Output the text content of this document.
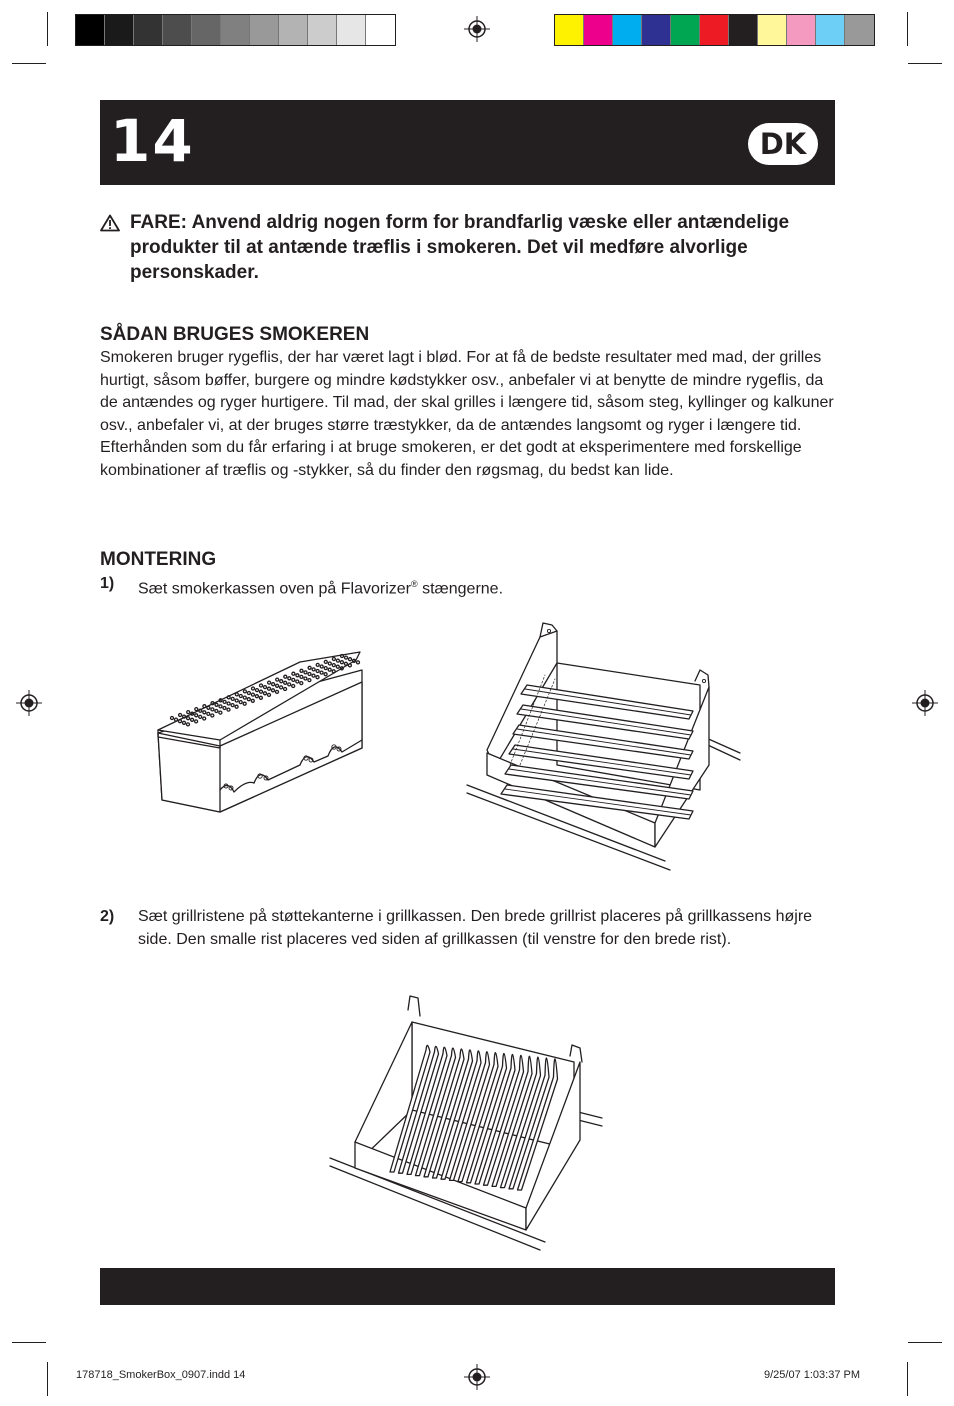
14	DK
FARE: Anvend aldrig nogen form for brandfarlig væske eller antændelige produkter til at antænde træflis i smokeren. Det vil medføre alvorlige personskader.
SÅDAN BRUGES SMOKEREN
Smokeren bruger rygeflis, der har været lagt i blød. For at få de bedste resultater med mad, der grilles hurtigt, såsom bøffer, burgere og mindre kødstykker osv., anbefaler vi at benytte de mindre rygeflis, da de antændes og ryger hurtigere. Til mad, der skal grilles i længere tid, såsom steg, kyllinger og kalkuner osv., anbefaler vi, at der bruges større træstykker, da de antændes langsomt og ryger i længere tid. Efterhånden som du får erfaring i at bruge smokeren, er det godt at eksperimentere med forskellige kombinationer af træflis og -stykker, så du finder den røgsmag, du bedst kan lide.
MONTERING
1) Sæt smokerkassen oven på Flavorizer® stængerne.
2) Sæt grillristene på støttekanterne i grillkassen. Den brede grillrist placeres på grillkassens højre side. Den smalle rist placeres ved siden af grillkassen (til venstre for den brede rist).
178718_SmokerBox_0907.indd 14	9/25/07 1:03:37 PM
